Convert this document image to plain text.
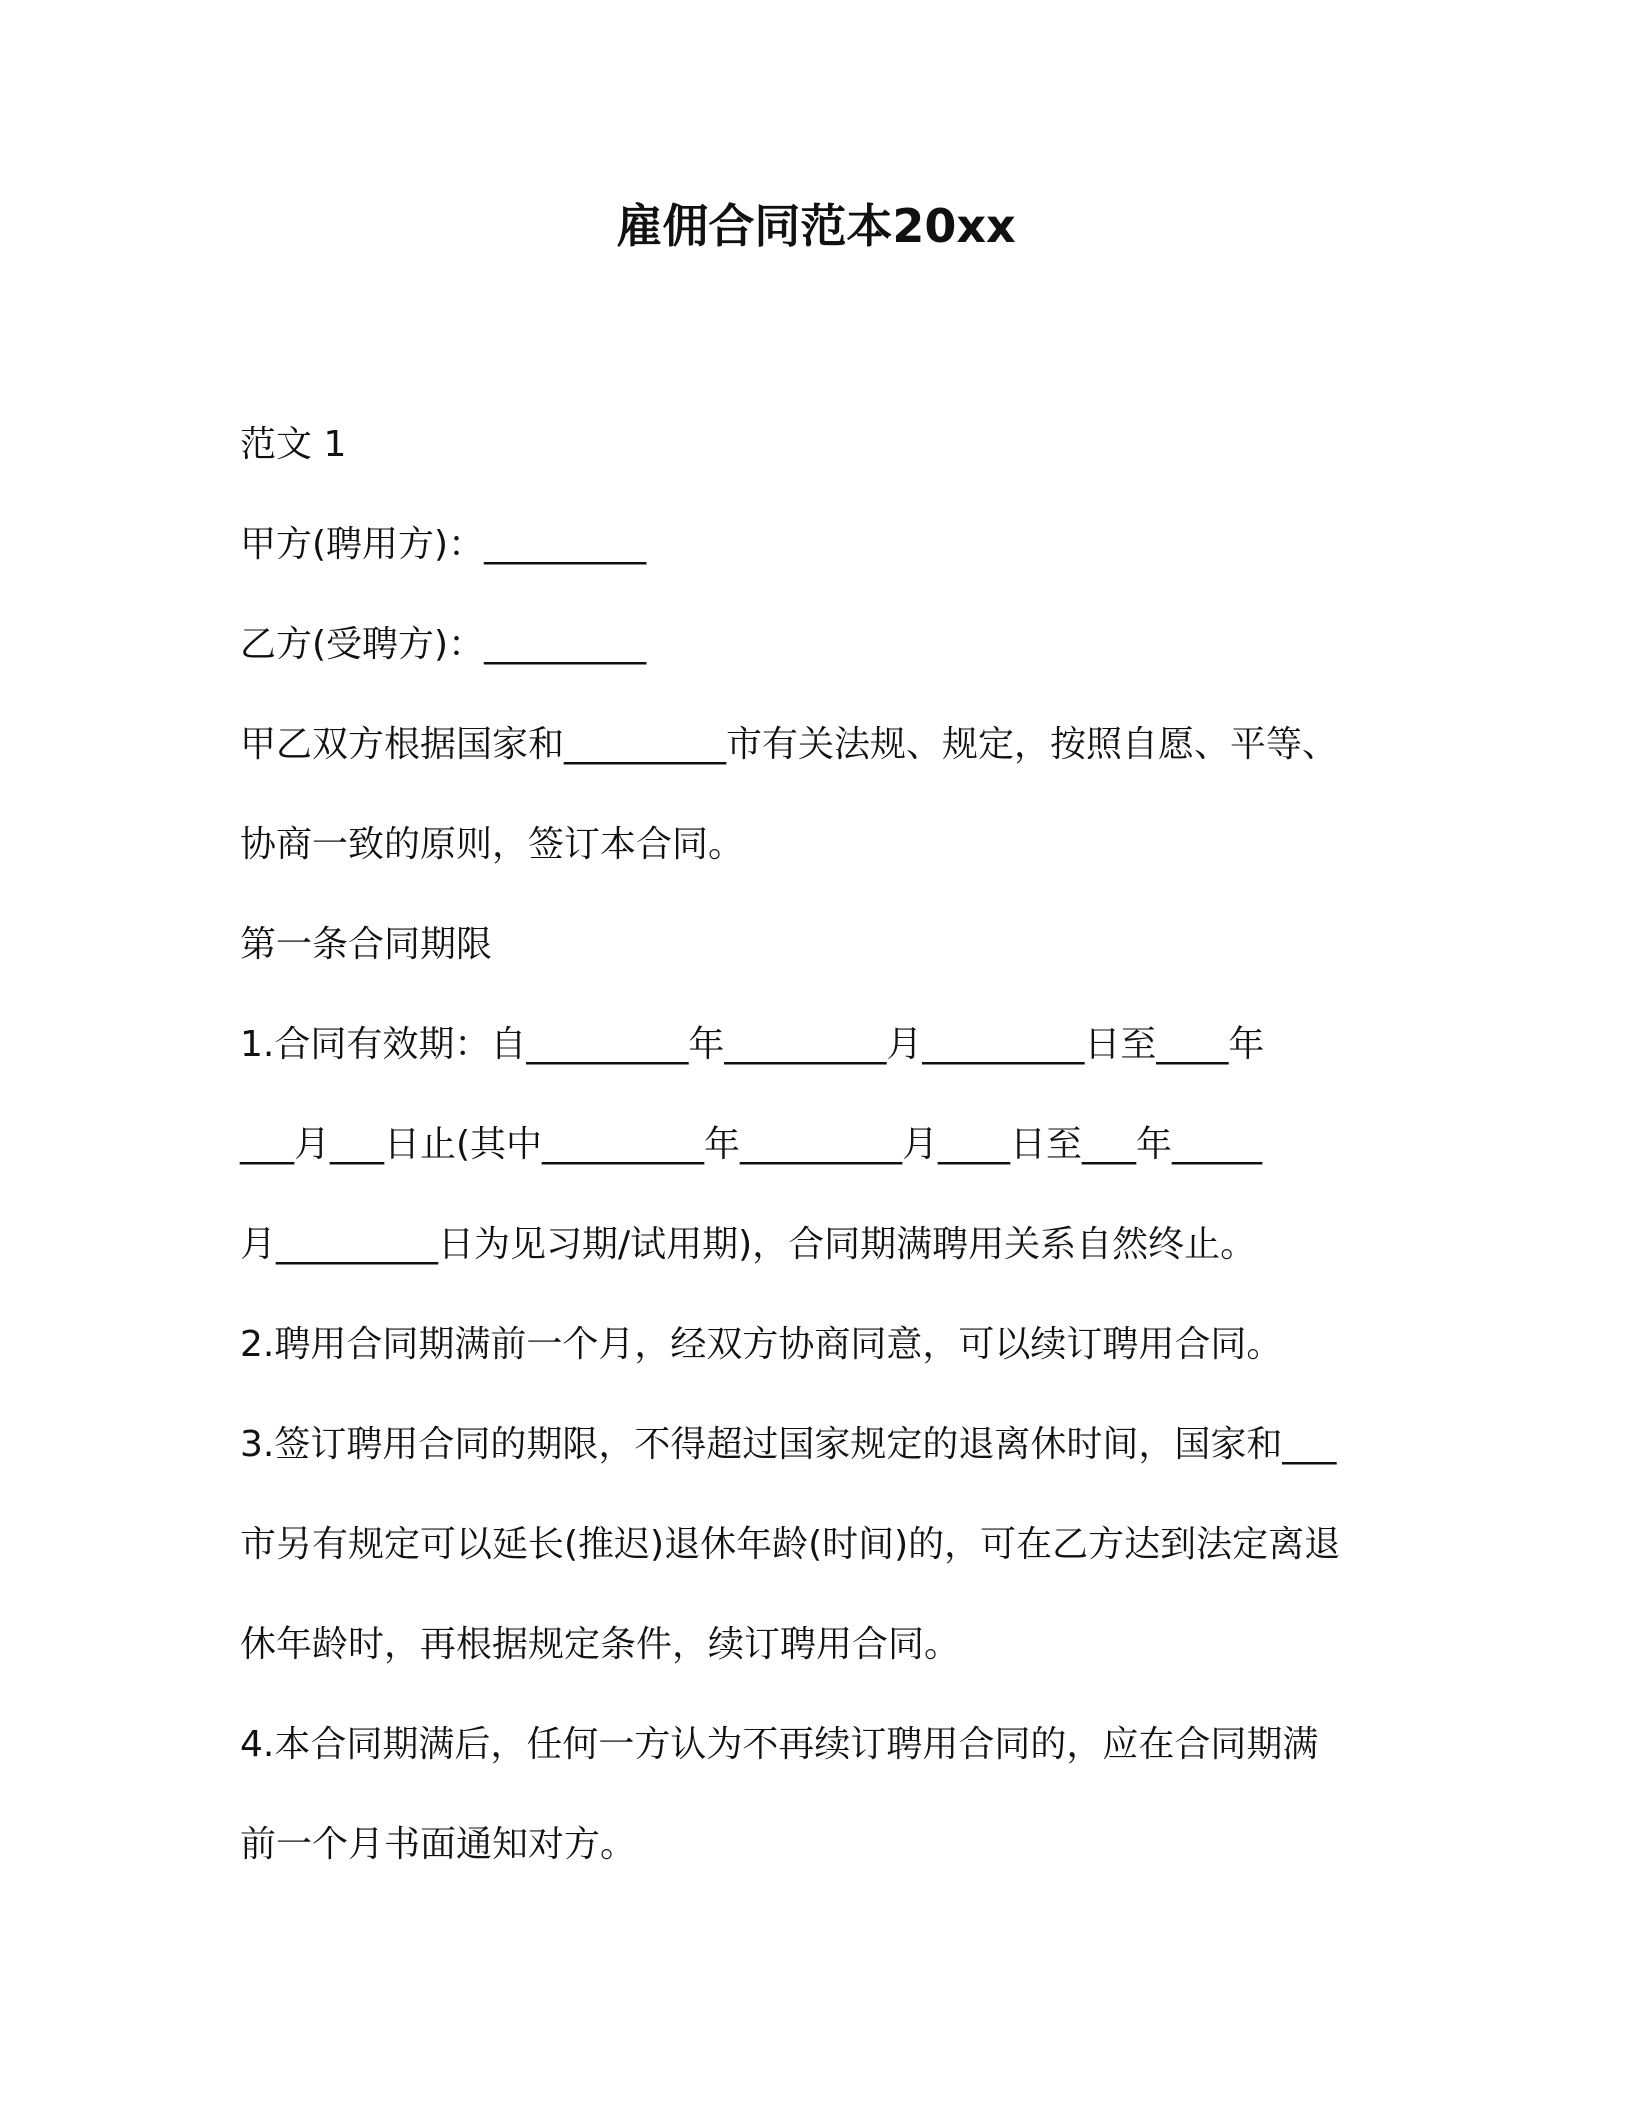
雇佣合同范本20xx

范文 1

甲方(聘用方)：_________

乙方(受聘方)：_________

甲乙双方根据国家和_________市有关法规、规定，按照自愿、平等、

协商一致的原则，签订本合同。

第一条合同期限

1.合同有效期：自_________年_________月_________日至____年

___月___日止(其中_________年_________月____日至___年_____

月_________日为见习期/试用期)，合同期满聘用关系自然终止。

2.聘用合同期满前一个月，经双方协商同意，可以续订聘用合同。

3.签订聘用合同的期限，不得超过国家规定的退离休时间，国家和___

市另有规定可以延长(推迟)退休年龄(时间)的，可在乙方达到法定离退

休年龄时，再根据规定条件，续订聘用合同。

4.本合同期满后，任何一方认为不再续订聘用合同的，应在合同期满

前一个月书面通知对方。
